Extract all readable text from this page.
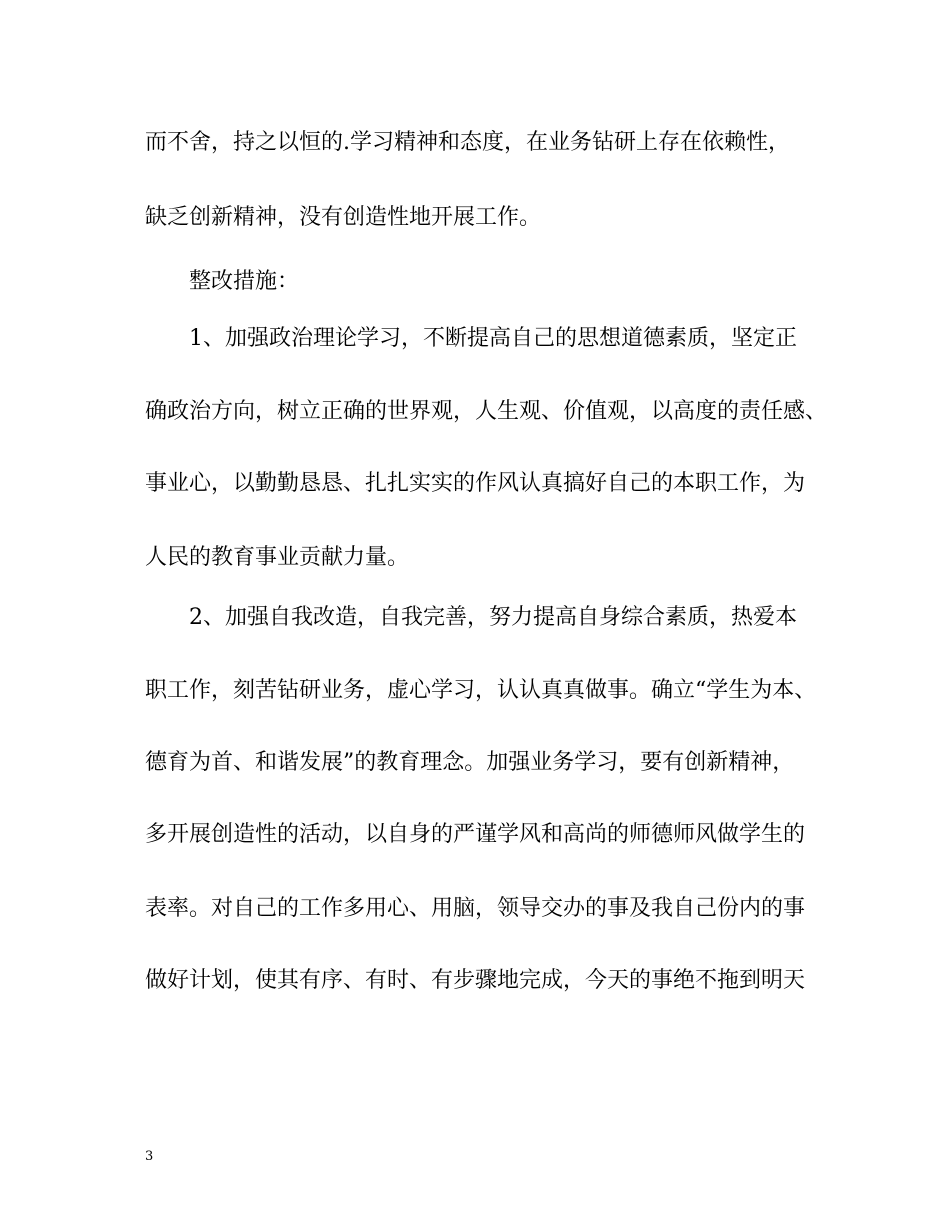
而不舍，持之以恒的.学习精神和态度，在业务钻研上存在依赖性，
缺乏创新精神，没有创造性地开展工作。
整改措施：
1、加强政治理论学习，不断提高自己的思想道德素质，坚定正
确政治方向，树立正确的世界观，人生观、价值观，以高度的责任感、
事业心，以勤勤恳恳、扎扎实实的作风认真搞好自己的本职工作，为
人民的教育事业贡献力量。
2、加强自我改造，自我完善，努力提高自身综合素质，热爱本
职工作，刻苦钻研业务，虚心学习，认认真真做事。确立“学生为本、
德育为首、和谐发展”的教育理念。加强业务学习，要有创新精神，
多开展创造性的活动，以自身的严谨学风和高尚的师德师风做学生的
表率。对自己的工作多用心、用脑，领导交办的事及我自己份内的事
做好计划，使其有序、有时、有步骤地完成，今天的事绝不拖到明天
3
